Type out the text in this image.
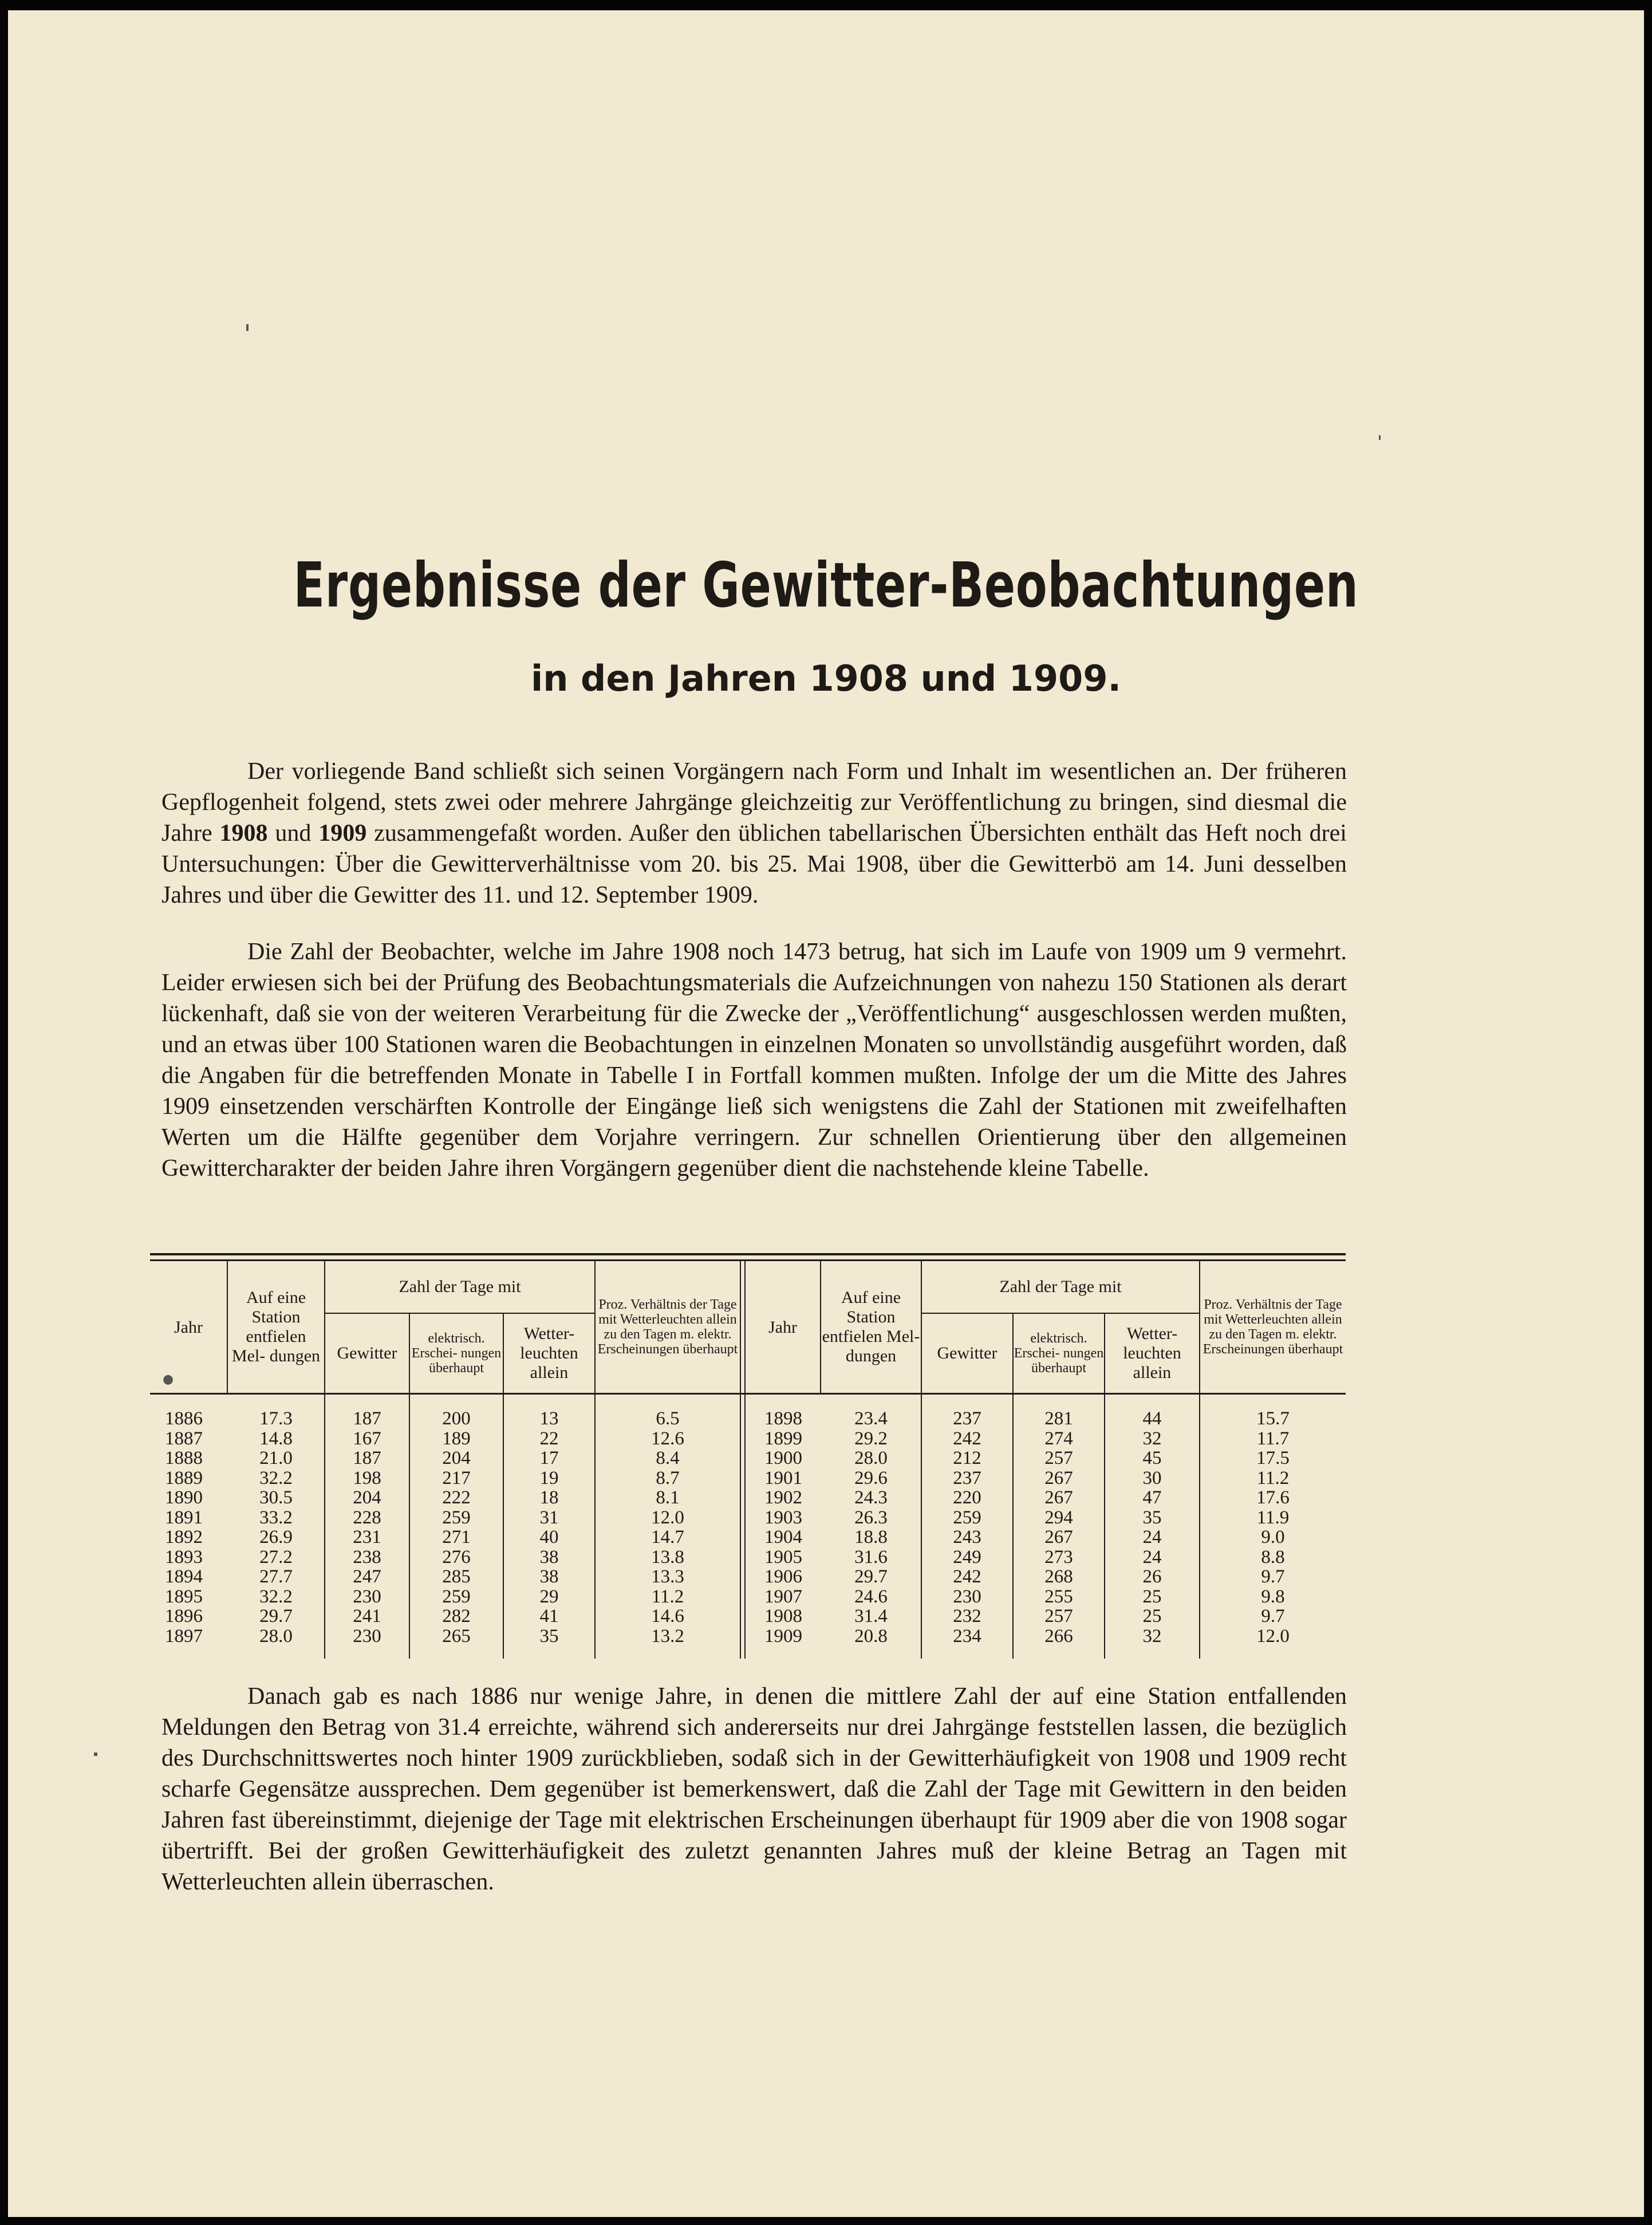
Ergebnisse der Gewitter-Beobachtungen
in den Jahren 1908 und 1909.

Der vorliegende Band schließt sich seinen Vorgängern nach Form und Inhalt im wesentlichen an. Der früheren Gepflogenheit folgend, stets zwei oder mehrere Jahrgänge gleichzeitig zur Veröffentlichung zu bringen, sind diesmal die Jahre 1908 und 1909 zusammengefaßt worden. Außer den üblichen tabellarischen Übersichten enthält das Heft noch drei Untersuchungen: Über die Gewitterverhältnisse vom 20. bis 25. Mai 1908, über die Gewitterbö am 14. Juni desselben Jahres und über die Gewitter des 11. und 12. September 1909.

Die Zahl der Beobachter, welche im Jahre 1908 noch 1473 betrug, hat sich im Laufe von 1909 um 9 vermehrt. Leider erwiesen sich bei der Prüfung des Beobachtungsmaterials die Aufzeichnungen von nahezu 150 Stationen als derart lückenhaft, daß sie von der weiteren Verarbeitung für die Zwecke der „Veröffentlichung“ ausgeschlossen werden mußten, und an etwas über 100 Stationen waren die Beobachtungen in einzelnen Monaten so unvollständig ausgeführt worden, daß die Angaben für die betreffenden Monate in Tabelle I in Fortfall kommen mußten. Infolge der um die Mitte des Jahres 1909 einsetzenden verschärften Kontrolle der Eingänge ließ sich wenigstens die Zahl der Stationen mit zweifelhaften Werten um die Hälfte gegenüber dem Vorjahre verringern. Zur schnellen Orientierung über den allgemeinen Gewittercharakter der beiden Jahre ihren Vorgängern gegenüber dient die nachstehende kleine Tabelle.

Jahr
Auf eine Station entfielen Mel- dungen
Zahl der Tage mit
Gewitter
elektrisch. Erschei- nungen überhaupt
Wetter- leuchten allein
Proz. Verhältnis der Tage mit Wetterleuchten allein zu den Tagen m. elektr. Erscheinungen überhaupt
Jahr
Auf eine Station entfielen Mel- dungen
Zahl der Tage mit
Gewitter
elektrisch. Erschei- nungen überhaupt
Wetter- leuchten allein
Proz. Verhältnis der Tage mit Wetterleuchten allein zu den Tagen m. elektr. Erscheinungen überhaupt
●
1886
1887
1888
1889
1890
1891
1892
1893
1894
1895
1896
1897
17.3
14.8
21.0
32.2
30.5
33.2
26.9
27.2
27.7
32.2
29.7
28.0
187
167
187
198
204
228
231
238
247
230
241
230
200
189
204
217
222
259
271
276
285
259
282
265
13
22
17
19
18
31
40
38
38
29
41
35
6.5
12.6
8.4
8.7
8.1
12.0
14.7
13.8
13.3
11.2
14.6
13.2
1898
1899
1900
1901
1902
1903
1904
1905
1906
1907
1908
1909
23.4
29.2
28.0
29.6
24.3
26.3
18.8
31.6
29.7
24.6
31.4
20.8
237
242
212
237
220
259
243
249
242
230
232
234
281
274
257
267
267
294
267
273
268
255
257
266
44
32
45
30
47
35
24
24
26
25
25
32
15.7
11.7
17.5
11.2
17.6
11.9
9.0
8.8
9.7
9.8
9.7
12.0

Danach gab es nach 1886 nur wenige Jahre, in denen die mittlere Zahl der auf eine Station entfallenden Meldungen den Betrag von 31.4 erreichte, während sich andererseits nur drei Jahrgänge feststellen lassen, die bezüglich des Durchschnittswertes noch hinter 1909 zurückblieben, sodaß sich in der Gewitterhäufigkeit von 1908 und 1909 recht scharfe Gegensätze aussprechen. Dem gegenüber ist bemerkenswert, daß die Zahl der Tage mit Gewittern in den beiden Jahren fast übereinstimmt, diejenige der Tage mit elektrischen Erscheinungen überhaupt für 1909 aber die von 1908 sogar übertrifft. Bei der großen Gewitterhäufigkeit des zuletzt genannten Jahres muß der kleine Betrag an Tagen mit Wetterleuchten allein überraschen.
